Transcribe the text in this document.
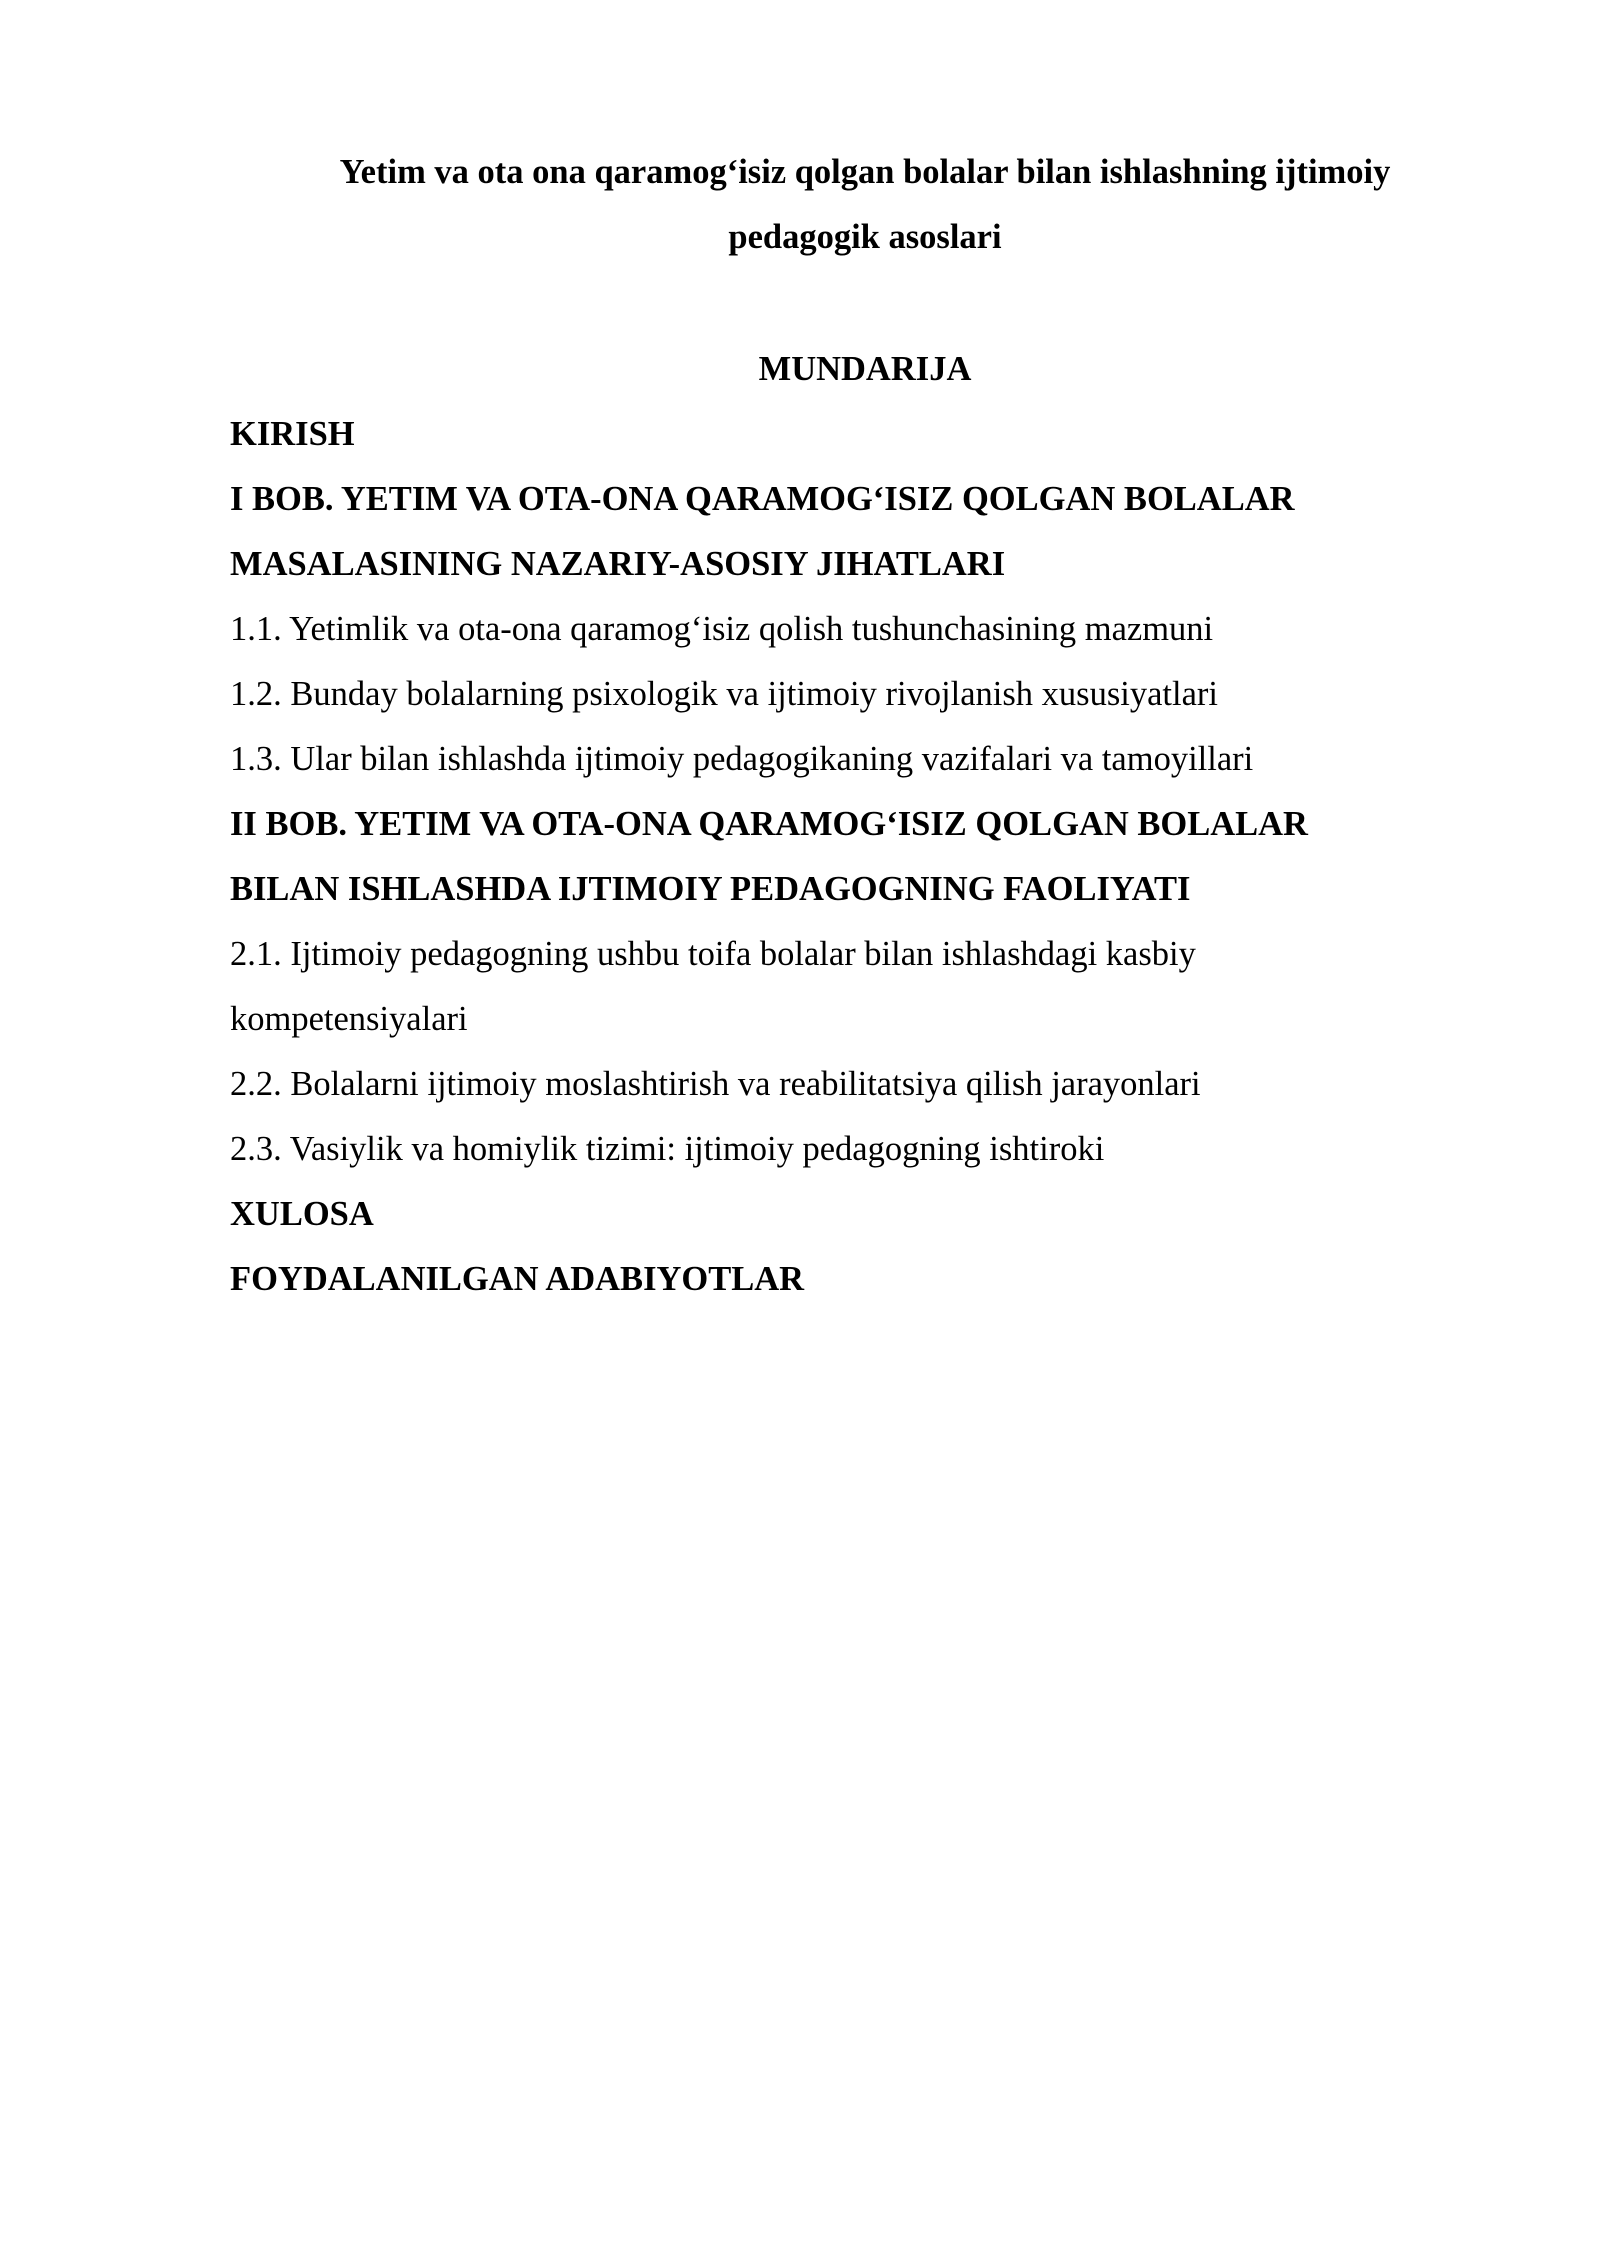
Yetim va ota ona qaramog‘isiz qolgan bolalar bilan ishlashning ijtimoiy
pedagogik asoslari
MUNDARIJA
KIRISH
I BOB. YETIM VA OTA-ONA QARAMOG‘ISIZ QOLGAN BOLALAR
MASALASINING NAZARIY-ASOSIY JIHATLARI
1.1. Yetimlik va ota-ona qaramog‘isiz qolish tushunchasining mazmuni
1.2. Bunday bolalarning psixologik va ijtimoiy rivojlanish xususiyatlari
1.3. Ular bilan ishlashda ijtimoiy pedagogikaning vazifalari va tamoyillari
II BOB. YETIM VA OTA-ONA QARAMOG‘ISIZ QOLGAN BOLALAR
BILAN ISHLASHDA IJTIMOIY PEDAGOGNING FAOLIYATI
2.1. Ijtimoiy pedagogning ushbu toifa bolalar bilan ishlashdagi kasbiy
kompetensiyalari
2.2. Bolalarni ijtimoiy moslashtirish va reabilitatsiya qilish jarayonlari
2.3. Vasiylik va homiylik tizimi: ijtimoiy pedagogning ishtiroki
XULOSA
FOYDALANILGAN ADABIYOTLAR
